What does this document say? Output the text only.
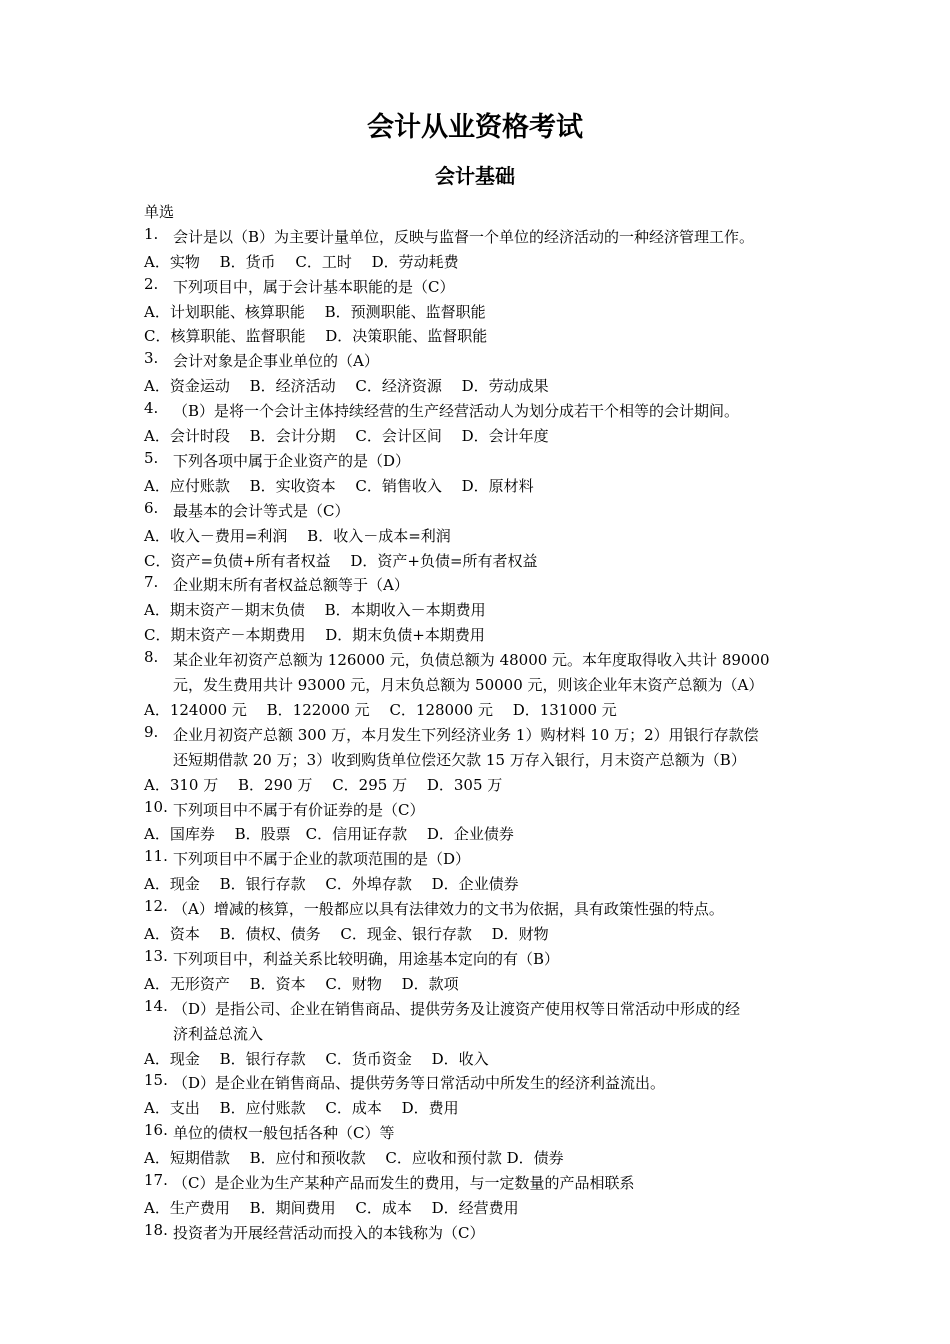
会计从业资格考试
会计基础
单选
1. 会计是以（B）为主要计量单位，反映与监督一个单位的经济活动的一种经济管理工作。
A．实物　 B．货币　 C．工时　 D．劳动耗费
2. 下列项目中，属于会计基本职能的是（C）
A．计划职能、核算职能　 B．预测职能、监督职能
C．核算职能、监督职能　 D．决策职能、监督职能
3. 会计对象是企事业单位的（A）
A．资金运动　 B．经济活动　 C．经济资源　 D．劳动成果
4. （B）是将一个会计主体持续经营的生产经营活动人为划分成若干个相等的会计期间。
A．会计时段　 B．会计分期　 C．会计区间　 D．会计年度
5. 下列各项中属于企业资产的是（D）
A．应付账款　 B．实收资本　 C．销售收入　 D．原材料
6. 最基本的会计等式是（C）
A．收入－费用=利润　 B．收入－成本=利润
C．资产=负债+所有者权益　 D．资产+负债=所有者权益
7. 企业期末所有者权益总额等于（A）
A．期末资产－期末负债　 B．本期收入－本期费用
C．期末资产－本期费用　 D．期末负债+本期费用
8. 某企业年初资产总额为 126000 元，负债总额为 48000 元。本年度取得收入共计 89000
元，发生费用共计 93000 元，月末负总额为 50000 元，则该企业年末资产总额为（A）
A．124000 元　 B．122000 元　 C．128000 元　 D．131000 元
9. 企业月初资产总额 300 万，本月发生下列经济业务 1）购材料 10 万；2）用银行存款偿
还短期借款 20 万；3）收到购货单位偿还欠款 15 万存入银行，月末资产总额为（B）
A．310 万　 B．290 万　 C．295 万　 D．305 万
10. 下列项目中不属于有价证券的是（C）
A．国库券　 B．股票　C．信用证存款　 D．企业债券
11. 下列项目中不属于企业的款项范围的是（D）
A．现金　 B．银行存款　 C．外埠存款　 D．企业债券
12. （A）增减的核算，一般都应以具有法律效力的文书为依据，具有政策性强的特点。
A．资本　 B．债权、债务　 C．现金、银行存款　 D．财物
13. 下列项目中，利益关系比较明确，用途基本定向的有（B）
A．无形资产　 B．资本　 C．财物　 D．款项
14. （D）是指公司、企业在销售商品、提供劳务及让渡资产使用权等日常活动中形成的经
济利益总流入
A．现金　 B．银行存款　 C．货币资金　 D．收入
15. （D）是企业在销售商品、提供劳务等日常活动中所发生的经济利益流出。
A．支出　 B．应付账款　 C．成本　 D．费用
16. 单位的债权一般包括各种（C）等
A．短期借款　 B．应付和预收款　 C．应收和预付款 D．债券
17. （C）是企业为生产某种产品而发生的费用，与一定数量的产品相联系
A．生产费用　 B．期间费用　 C．成本　 D．经营费用
18. 投资者为开展经营活动而投入的本钱称为（C）
